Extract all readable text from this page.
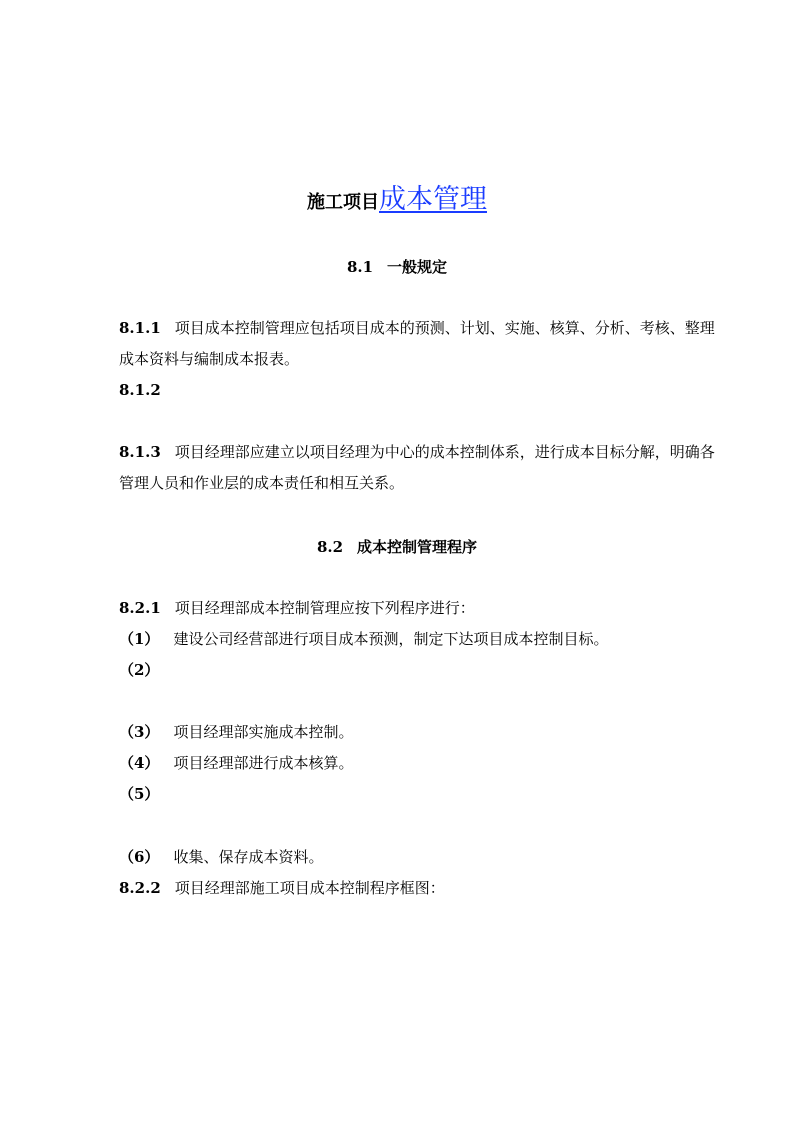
施工项目成本管理
8.1 一般规定
8.1.1 项目成本控制管理应包括项目成本的预测、计划、实施、核算、分析、考核、整理成本资料与编制成本报表。
8.1.2
8.1.3 项目经理部应建立以项目经理为中心的成本控制体系，进行成本目标分解，明确各管理人员和作业层的成本责任和相互关系。
8.2 成本控制管理程序
8.2.1 项目经理部成本控制管理应按下列程序进行：
（1） 建设公司经营部进行项目成本预测，制定下达项目成本控制目标。
（2）
（3） 项目经理部实施成本控制。
（4） 项目经理部进行成本核算。
（5）
（6） 收集、保存成本资料。
8.2.2 项目经理部施工项目成本控制程序框图：
